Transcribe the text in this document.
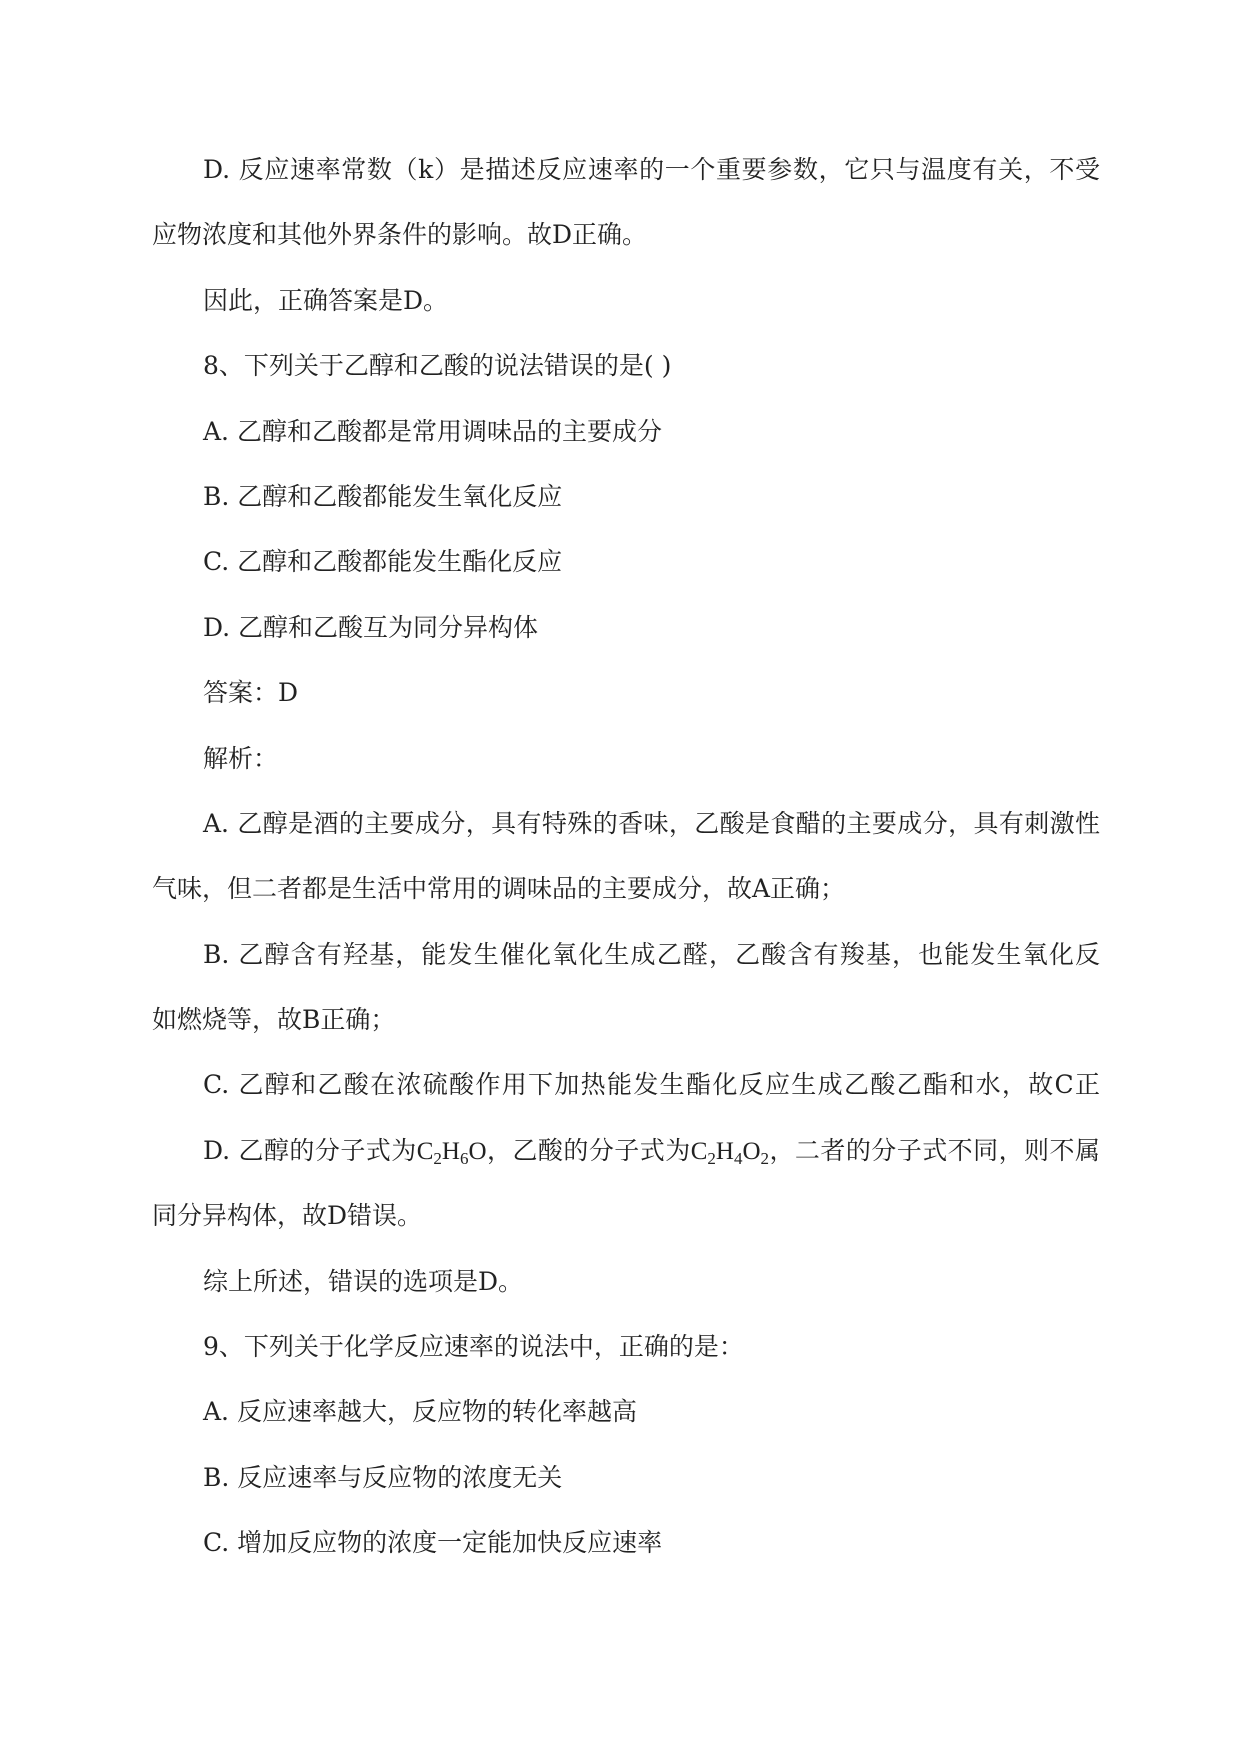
D. 反应速率常数（k）是描述反应速率的一个重要参数，它只与温度有关，不受
应物浓度和其他外界条件的影响。故D正确。
因此，正确答案是D。
8、下列关于乙醇和乙酸的说法错误的是( )
A. 乙醇和乙酸都是常用调味品的主要成分
B. 乙醇和乙酸都能发生氧化反应
C. 乙醇和乙酸都能发生酯化反应
D. 乙醇和乙酸互为同分异构体
答案：D
解析：
A. 乙醇是酒的主要成分，具有特殊的香味，乙酸是食醋的主要成分，具有刺激性
气味，但二者都是生活中常用的调味品的主要成分，故A正确；
B. 乙醇含有羟基，能发生催化氧化生成乙醛，乙酸含有羧基，也能发生氧化反
如燃烧等，故B正确；
C. 乙醇和乙酸在浓硫酸作用下加热能发生酯化反应生成乙酸乙酯和水，故C正
D. 乙醇的分子式为$C_2H_6O$，乙酸的分子式为$C_2H_4O_2$，二者的分子式不同，则不属
同分异构体，故D错误。
综上所述，错误的选项是D。
9、下列关于化学反应速率的说法中，正确的是：
A. 反应速率越大，反应物的转化率越高
B. 反应速率与反应物的浓度无关
C. 增加反应物的浓度一定能加快反应速率
